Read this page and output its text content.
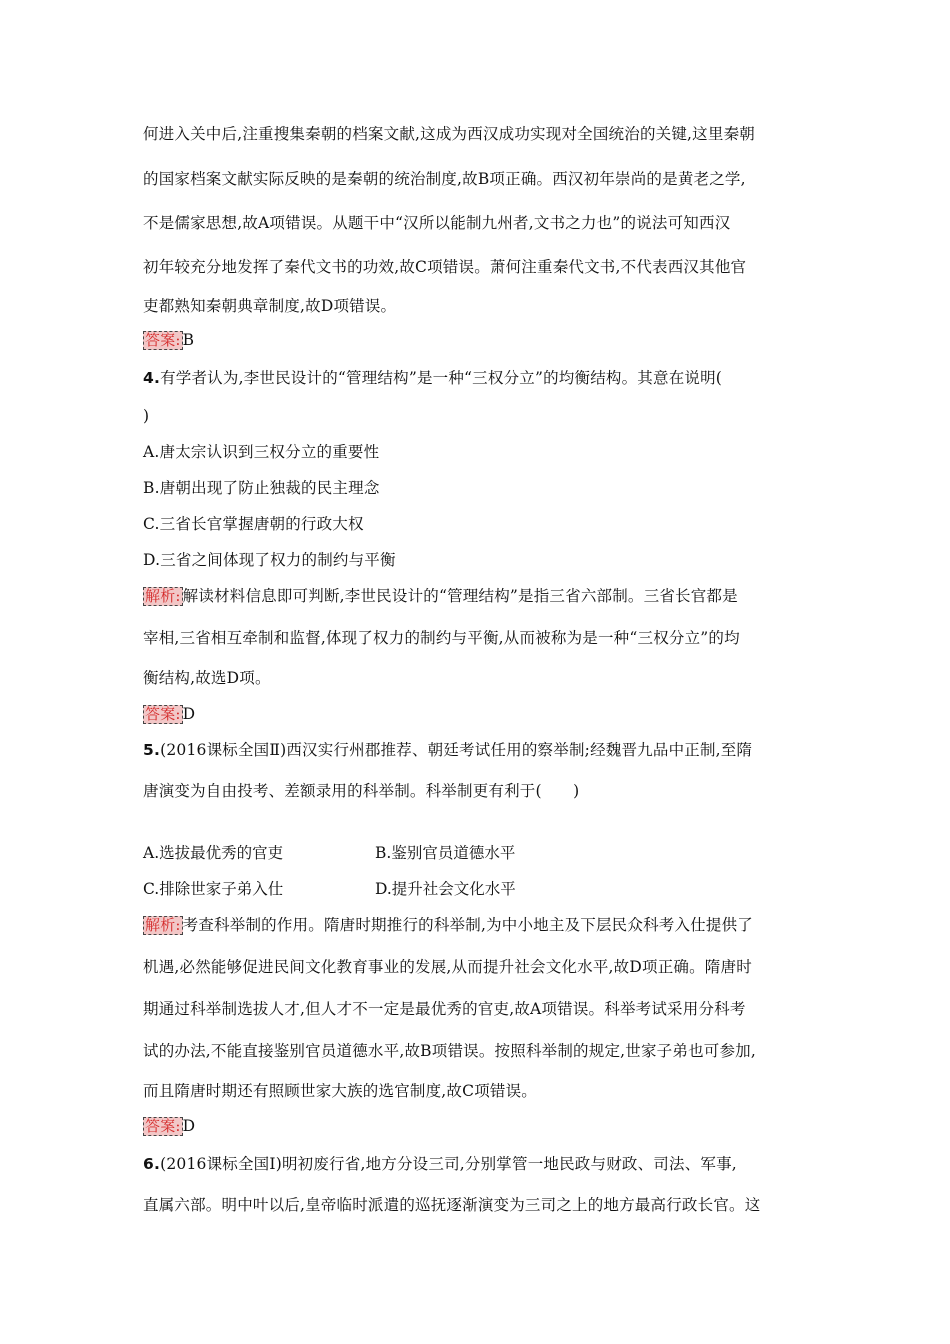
何进入关中后,注重搜集秦朝的档案文献,这成为西汉成功实现对全国统治的关键,这里秦朝
的国家档案文献实际反映的是秦朝的统治制度,故B项正确。西汉初年崇尚的是黄老之学,
不是儒家思想,故A项错误。从题干中“汉所以能制九州者,文书之力也”的说法可知西汉
初年较充分地发挥了秦代文书的功效,故C项错误。萧何注重秦代文书,不代表西汉其他官
吏都熟知秦朝典章制度,故D项错误。
答案: B
4.有学者认为,李世民设计的“管理结构”是一种“三权分立”的均衡结构。其意在说明(
)
A.唐太宗认识到三权分立的重要性
B.唐朝出现了防止独裁的民主理念
C.三省长官掌握唐朝的行政大权
D.三省之间体现了权力的制约与平衡
解析: 解读材料信息即可判断,李世民设计的“管理结构”是指三省六部制。三省长官都是
宰相,三省相互牵制和监督,体现了权力的制约与平衡,从而被称为是一种“三权分立”的均
衡结构,故选D项。
答案: D
5.(2016课标全国Ⅱ)西汉实行州郡推荐、朝廷考试任用的察举制;经魏晋九品中正制,至隋
唐演变为自由投考、差额录用的科举制。科举制更有利于(　　)
A.选拔最优秀的官吏	B.鉴别官员道德水平
C.排除世家子弟入仕	D.提升社会文化水平
解析: 考查科举制的作用。隋唐时期推行的科举制,为中小地主及下层民众科考入仕提供了
机遇,必然能够促进民间文化教育事业的发展,从而提升社会文化水平,故D项正确。隋唐时
期通过科举制选拔人才,但人才不一定是最优秀的官吏,故A项错误。科举考试采用分科考
试的办法,不能直接鉴别官员道德水平,故B项错误。按照科举制的规定,世家子弟也可参加,
而且隋唐时期还有照顾世家大族的选官制度,故C项错误。
答案: D
6.(2016课标全国Ⅰ)明初废行省,地方分设三司,分别掌管一地民政与财政、司法、军事,
直属六部。明中叶以后,皇帝临时派遣的巡抚逐渐演变为三司之上的地方最高行政长官。这
